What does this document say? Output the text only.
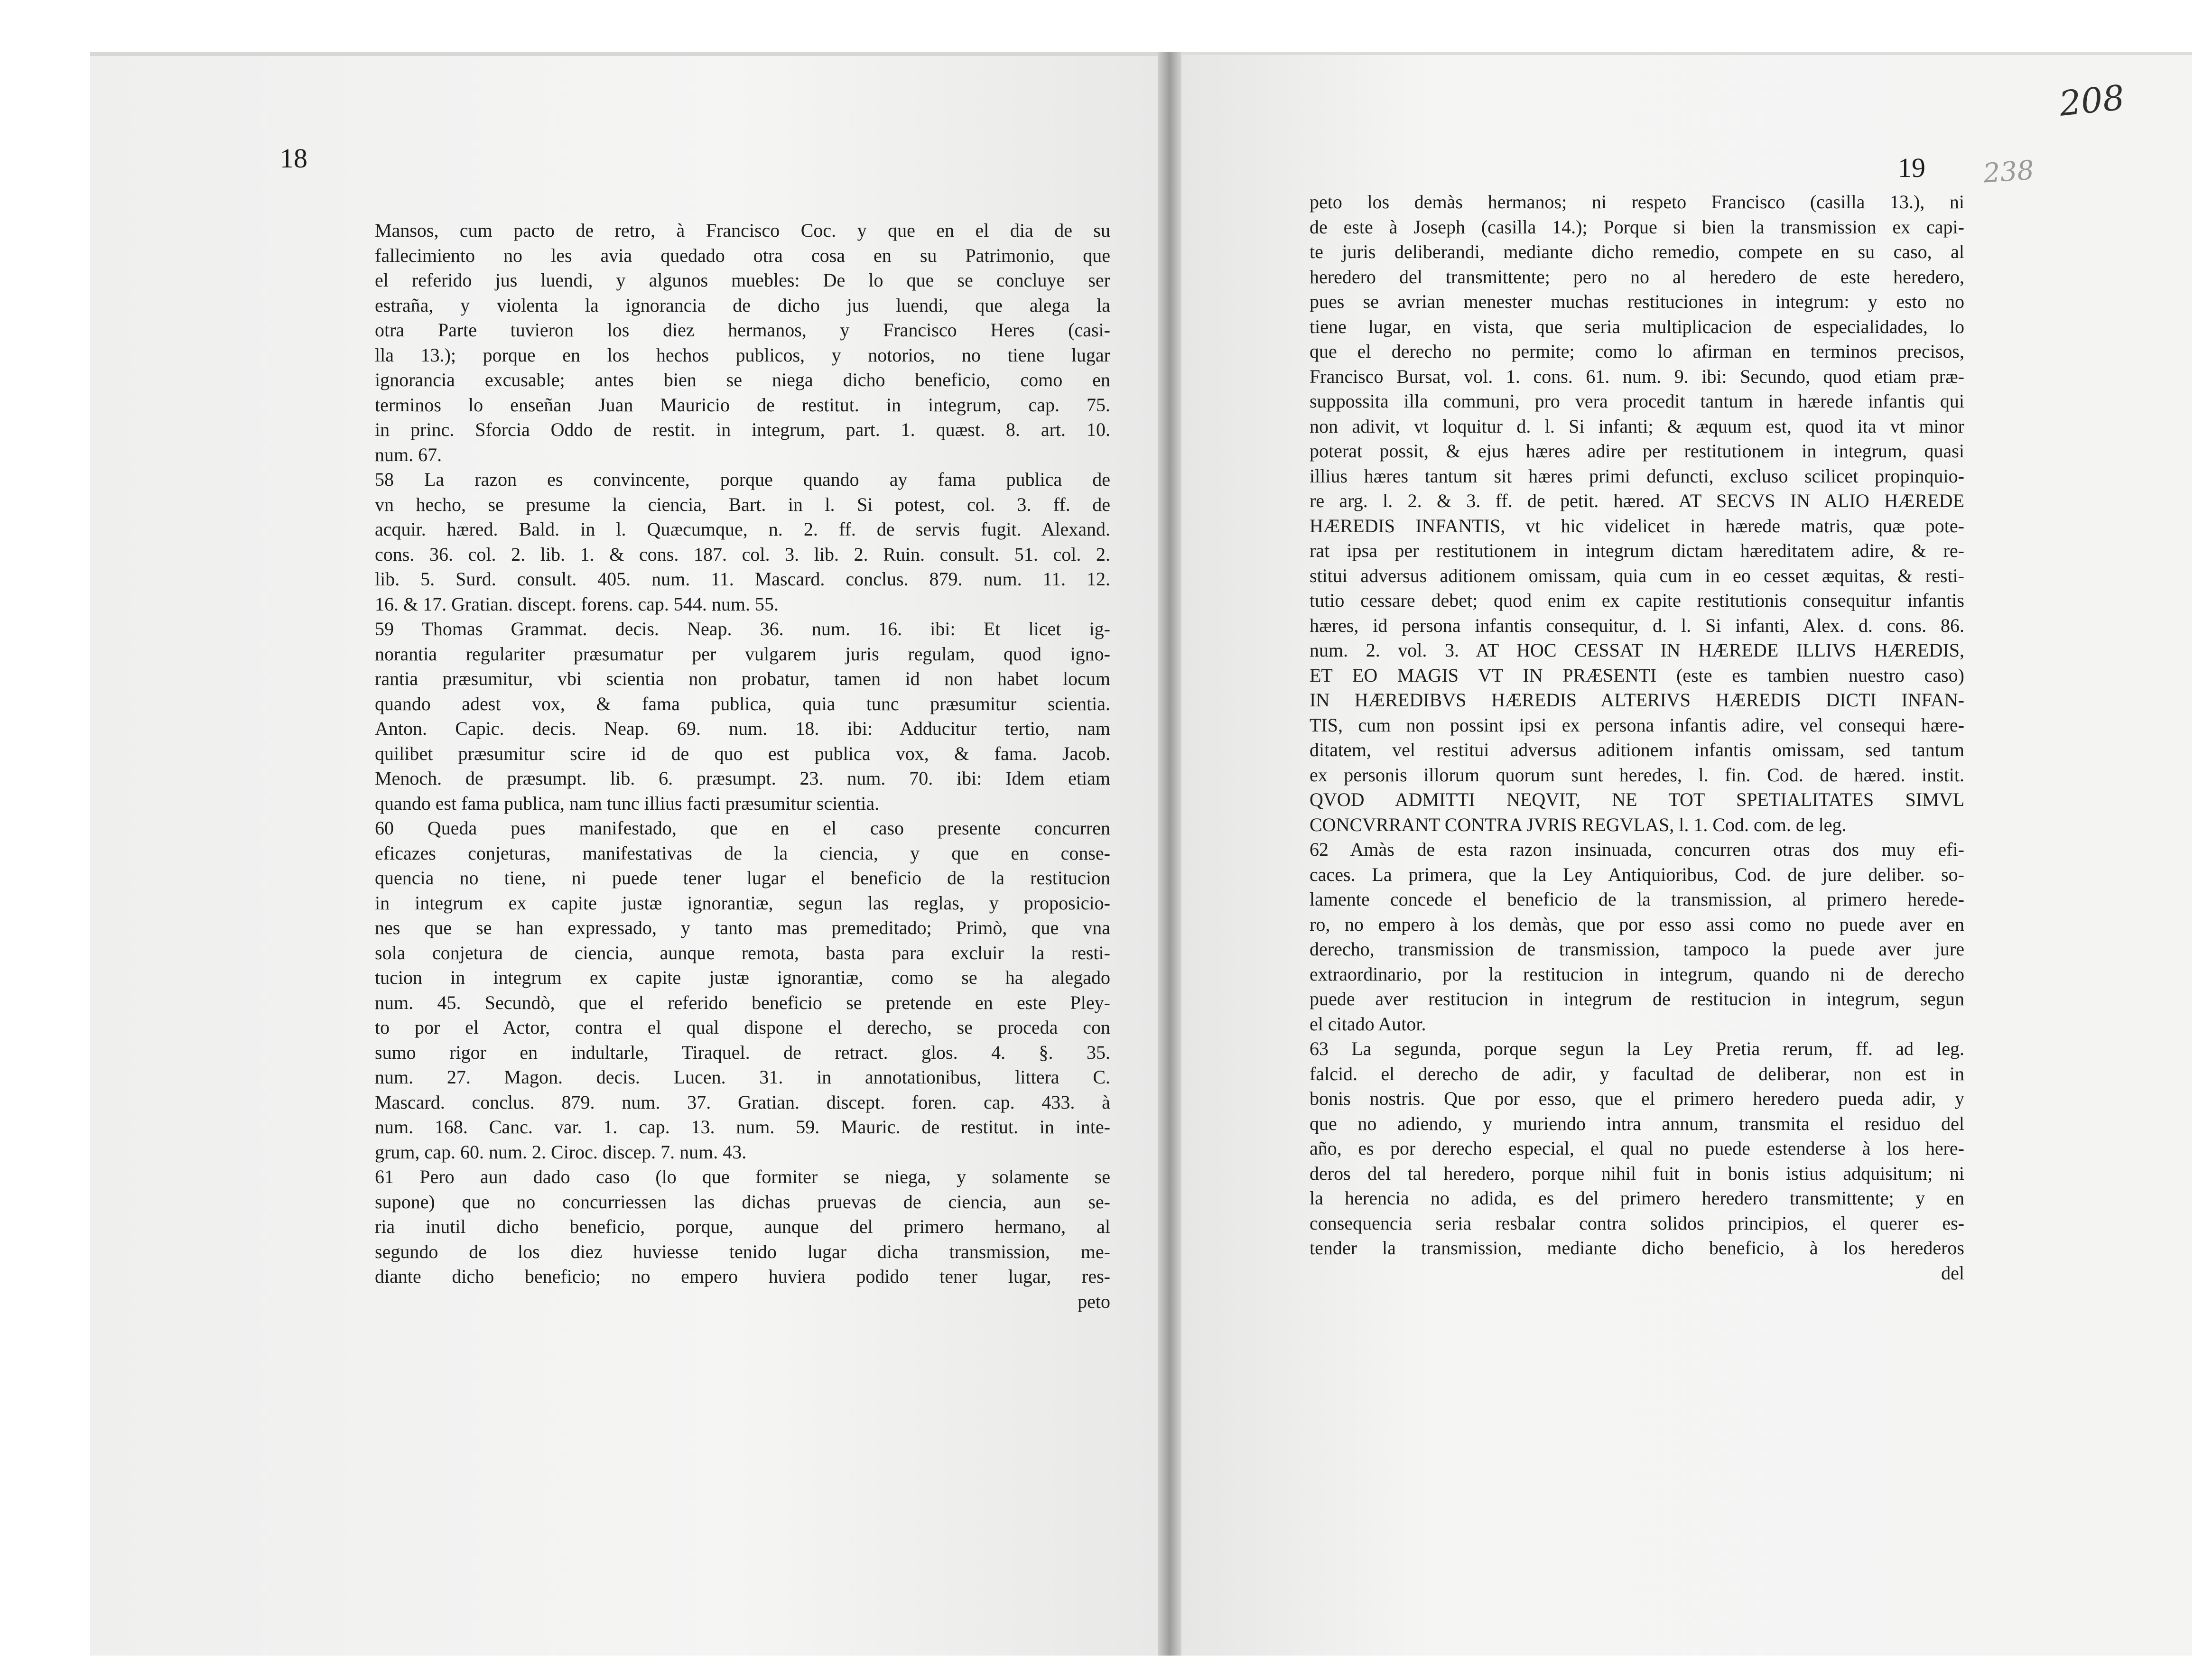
18	19
208
238
Mansos, cum pacto de retro, à Francisco Coc. y que en el dia de su
fallecimiento no les avia quedado otra cosa en su Patrimonio, que
el referido jus luendi, y algunos muebles: De lo que se concluye ser
estraña, y violenta la ignorancia de dicho jus luendi, que alega la
otra Parte tuvieron los diez hermanos, y Francisco Heres (casi-
lla 13.); porque en los hechos publicos, y notorios, no tiene lugar
ignorancia excusable; antes bien se niega dicho beneficio, como en
terminos lo enseñan Juan Mauricio de restitut. in integrum, cap. 75.
in princ. Sforcia Oddo de restit. in integrum, part. 1. quæst. 8. art. 10.
num. 67.
58 La razon es convincente, porque quando ay fama publica de
vn hecho, se presume la ciencia, Bart. in l. Si potest, col. 3. ff. de
acquir. hæred. Bald. in l. Quæcumque, n. 2. ff. de servis fugit. Alexand.
cons. 36. col. 2. lib. 1. & cons. 187. col. 3. lib. 2. Ruin. consult. 51. col. 2.
lib. 5. Surd. consult. 405. num. 11. Mascard. conclus. 879. num. 11. 12.
16. & 17. Gratian. discept. forens. cap. 544. num. 55.
59 Thomas Grammat. decis. Neap. 36. num. 16. ibi: Et licet ig-
norantia regulariter præsumatur per vulgarem juris regulam, quod igno-
rantia præsumitur, vbi scientia non probatur, tamen id non habet locum
quando adest vox, & fama publica, quia tunc præsumitur scientia.
Anton. Capic. decis. Neap. 69. num. 18. ibi: Adducitur tertio, nam
quilibet præsumitur scire id de quo est publica vox, & fama. Jacob.
Menoch. de præsumpt. lib. 6. præsumpt. 23. num. 70. ibi: Idem etiam
quando est fama publica, nam tunc illius facti præsumitur scientia.
60 Queda pues manifestado, que en el caso presente concurren
eficazes conjeturas, manifestativas de la ciencia, y que en conse-
quencia no tiene, ni puede tener lugar el beneficio de la restitucion
in integrum ex capite justæ ignorantiæ, segun las reglas, y proposicio-
nes que se han expressado, y tanto mas premeditado; Primò, que vna
sola conjetura de ciencia, aunque remota, basta para excluir la resti-
tucion in integrum ex capite justæ ignorantiæ, como se ha alegado
num. 45. Secundò, que el referido beneficio se pretende en este Pley-
to por el Actor, contra el qual dispone el derecho, se proceda con
sumo rigor en indultarle, Tiraquel. de retract. glos. 4. §. 35.
num. 27. Magon. decis. Lucen. 31. in annotationibus, littera C.
Mascard. conclus. 879. num. 37. Gratian. discept. foren. cap. 433. à
num. 168. Canc. var. 1. cap. 13. num. 59. Mauric. de restitut. in inte-
grum, cap. 60. num. 2. Ciroc. discep. 7. num. 43.
61 Pero aun dado caso (lo que formiter se niega, y solamente se
supone) que no concurriessen las dichas pruevas de ciencia, aun se-
ria inutil dicho beneficio, porque, aunque del primero hermano, al
segundo de los diez huviesse tenido lugar dicha transmission, me-
diante dicho beneficio; no empero huviera podido tener lugar, res-
peto
peto los demàs hermanos; ni respeto Francisco (casilla 13.), ni
de este à Joseph (casilla 14.); Porque si bien la transmission ex capi-
te juris deliberandi, mediante dicho remedio, compete en su caso, al
heredero del transmittente; pero no al heredero de este heredero,
pues se avrian menester muchas restituciones in integrum: y esto no
tiene lugar, en vista, que seria multiplicacion de especialidades, lo
que el derecho no permite; como lo afirman en terminos precisos,
Francisco Bursat, vol. 1. cons. 61. num. 9. ibi: Secundo, quod etiam præ-
suppossita illa communi, pro vera procedit tantum in hærede infantis qui
non adivit, vt loquitur d. l. Si infanti; & æquum est, quod ita vt minor
poterat possit, & ejus hæres adire per restitutionem in integrum, quasi
illius hæres tantum sit hæres primi defuncti, excluso scilicet propinquio-
re arg. l. 2. & 3. ff. de petit. hæred. AT SECVS IN ALIO HÆREDE
HÆREDIS INFANTIS, vt hic videlicet in hærede matris, quæ pote-
rat ipsa per restitutionem in integrum dictam hæreditatem adire, & re-
stitui adversus aditionem omissam, quia cum in eo cesset æquitas, & resti-
tutio cessare debet; quod enim ex capite restitutionis consequitur infantis
hæres, id persona infantis consequitur, d. l. Si infanti, Alex. d. cons. 86.
num. 2. vol. 3. AT HOC CESSAT IN HÆREDE ILLIVS HÆREDIS,
ET EO MAGIS VT IN PRÆSENTI (este es tambien nuestro caso)
IN HÆREDIBVS HÆREDIS ALTERIVS HÆREDIS DICTI INFAN-
TIS, cum non possint ipsi ex persona infantis adire, vel consequi hære-
ditatem, vel restitui adversus aditionem infantis omissam, sed tantum
ex personis illorum quorum sunt heredes, l. fin. Cod. de hæred. instit.
QVOD ADMITTI NEQVIT, NE TOT SPETIALITATES SIMVL
CONCVRRANT CONTRA JVRIS REGVLAS, l. 1. Cod. com. de leg.
62 Amàs de esta razon insinuada, concurren otras dos muy efi-
caces. La primera, que la Ley Antiquioribus, Cod. de jure deliber. so-
lamente concede el beneficio de la transmission, al primero herede-
ro, no empero à los demàs, que por esso assi como no puede aver en
derecho, transmission de transmission, tampoco la puede aver jure
extraordinario, por la restitucion in integrum, quando ni de derecho
puede aver restitucion in integrum de restitucion in integrum, segun
el citado Autor.
63 La segunda, porque segun la Ley Pretia rerum, ff. ad leg.
falcid. el derecho de adir, y facultad de deliberar, non est in
bonis nostris. Que por esso, que el primero heredero pueda adir, y
que no adiendo, y muriendo intra annum, transmita el residuo del
año, es por derecho especial, el qual no puede estenderse à los here-
deros del tal heredero, porque nihil fuit in bonis istius adquisitum; ni
la herencia no adida, es del primero heredero transmittente; y en
consequencia seria resbalar contra solidos principios, el querer es-
tender la transmission, mediante dicho beneficio, à los herederos
del
